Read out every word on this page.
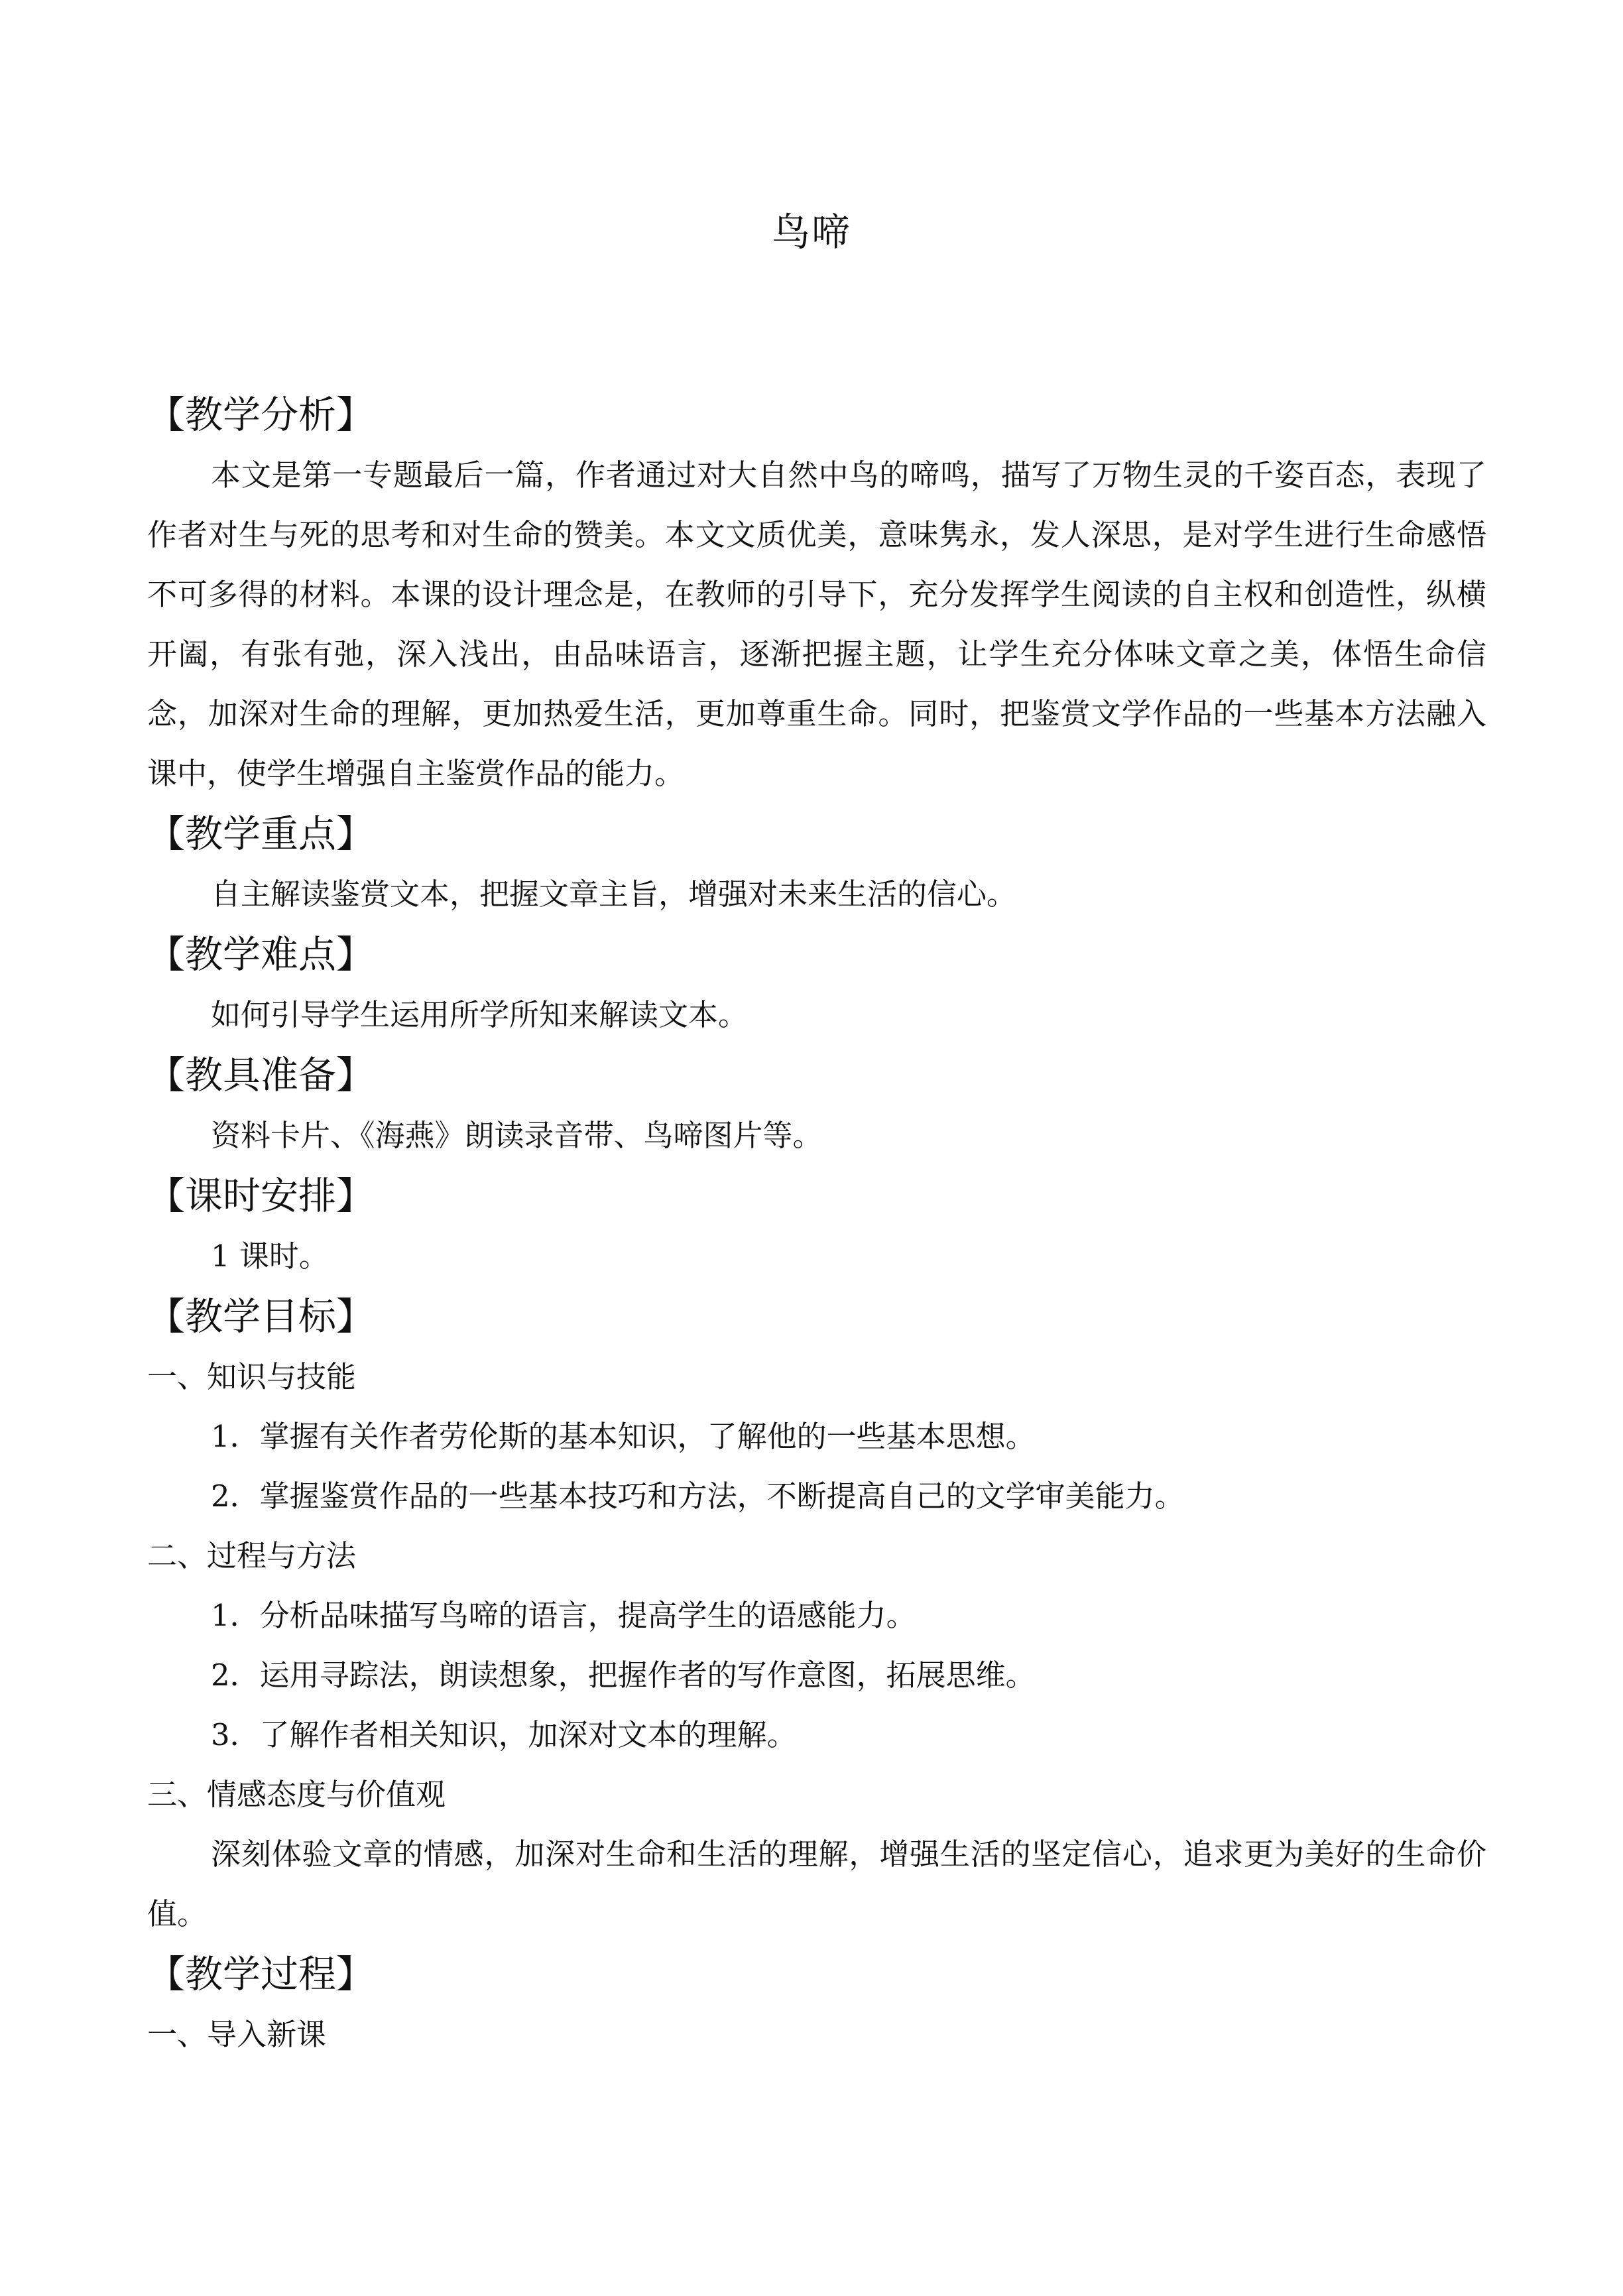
鸟啼
【教学分析】
本文是第一专题最后一篇，作者通过对大自然中鸟的啼鸣，描写了万物生灵的千姿百态，表现了作者对生与死的思考和对生命的赞美。本文文质优美，意味隽永，发人深思，是对学生进行生命感悟不可多得的材料。本课的设计理念是，在教师的引导下，充分发挥学生阅读的自主权和创造性，纵横开阖，有张有弛，深入浅出，由品味语言，逐渐把握主题，让学生充分体味文章之美，体悟生命信念，加深对生命的理解，更加热爱生活，更加尊重生命。同时，把鉴赏文学作品的一些基本方法融入课中，使学生增强自主鉴赏作品的能力。
【教学重点】
自主解读鉴赏文本，把握文章主旨，增强对未来生活的信心。
【教学难点】
如何引导学生运用所学所知来解读文本。
【教具准备】
资料卡片、《海燕》朗读录音带、鸟啼图片等。
【课时安排】
1 课时。
【教学目标】
一、知识与技能
1．掌握有关作者劳伦斯的基本知识，了解他的一些基本思想。
2．掌握鉴赏作品的一些基本技巧和方法，不断提高自己的文学审美能力。
二、过程与方法
1．分析品味描写鸟啼的语言，提高学生的语感能力。
2．运用寻踪法，朗读想象，把握作者的写作意图，拓展思维。
3．了解作者相关知识，加深对文本的理解。
三、情感态度与价值观
深刻体验文章的情感，加深对生命和生活的理解，增强生活的坚定信心，追求更为美好的生命价值。
【教学过程】
一、导入新课
